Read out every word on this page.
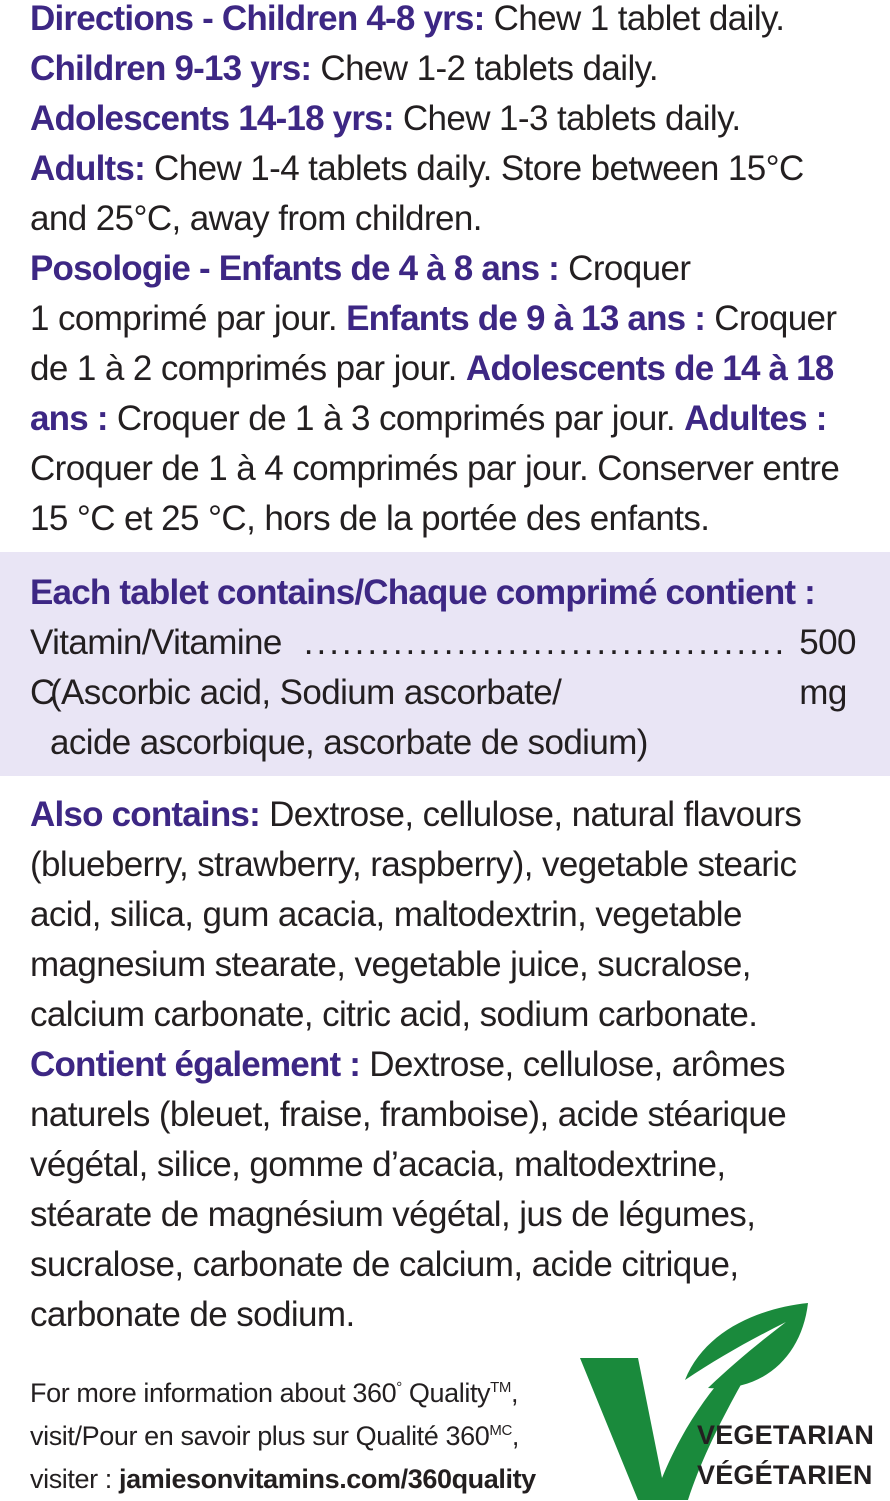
Directions - Children 4-8 yrs: Chew 1 tablet daily.
Children 9-13 yrs: Chew 1-2 tablets daily.
Adolescents 14-18 yrs: Chew 1-3 tablets daily.
Adults: Chew 1-4 tablets daily. Store between 15°C
and 25°C, away from children.
Posologie - Enfants de 4 à 8 ans : Croquer
1 comprimé par jour. Enfants de 9 à 13 ans : Croquer
de 1 à 2 comprimés par jour. Adolescents de 14 à 18
ans : Croquer de 1 à 3 comprimés par jour. Adultes :
Croquer de 1 à 4 comprimés par jour. Conserver entre
15 °C et 25 °C, hors de la portée des enfants.
Each tablet contains/Chaque comprimé contient :
Vitamin/Vitamine C
...................................... 500 mg
(Ascorbic acid, Sodium ascorbate/
acide ascorbique, ascorbate de sodium)
Also contains: Dextrose, cellulose, natural flavours
(blueberry, strawberry, raspberry), vegetable stearic
acid, silica, gum acacia, maltodextrin, vegetable
magnesium stearate, vegetable juice, sucralose,
calcium carbonate, citric acid, sodium carbonate.
Contient également : Dextrose, cellulose, arômes
naturels (bleuet, fraise, framboise), acide stéarique
végétal, silice, gomme d’acacia, maltodextrine,
stéarate de magnésium végétal, jus de légumes,
sucralose, carbonate de calcium, acide citrique,
carbonate de sodium.
For more information about 360° Quality™,
visit/Pour en savoir plus sur Qualité $360^{MC}$,
visiter : jamiesonvitamins.com/360quality
VEGETARIAN
VÉGÉTARIEN
